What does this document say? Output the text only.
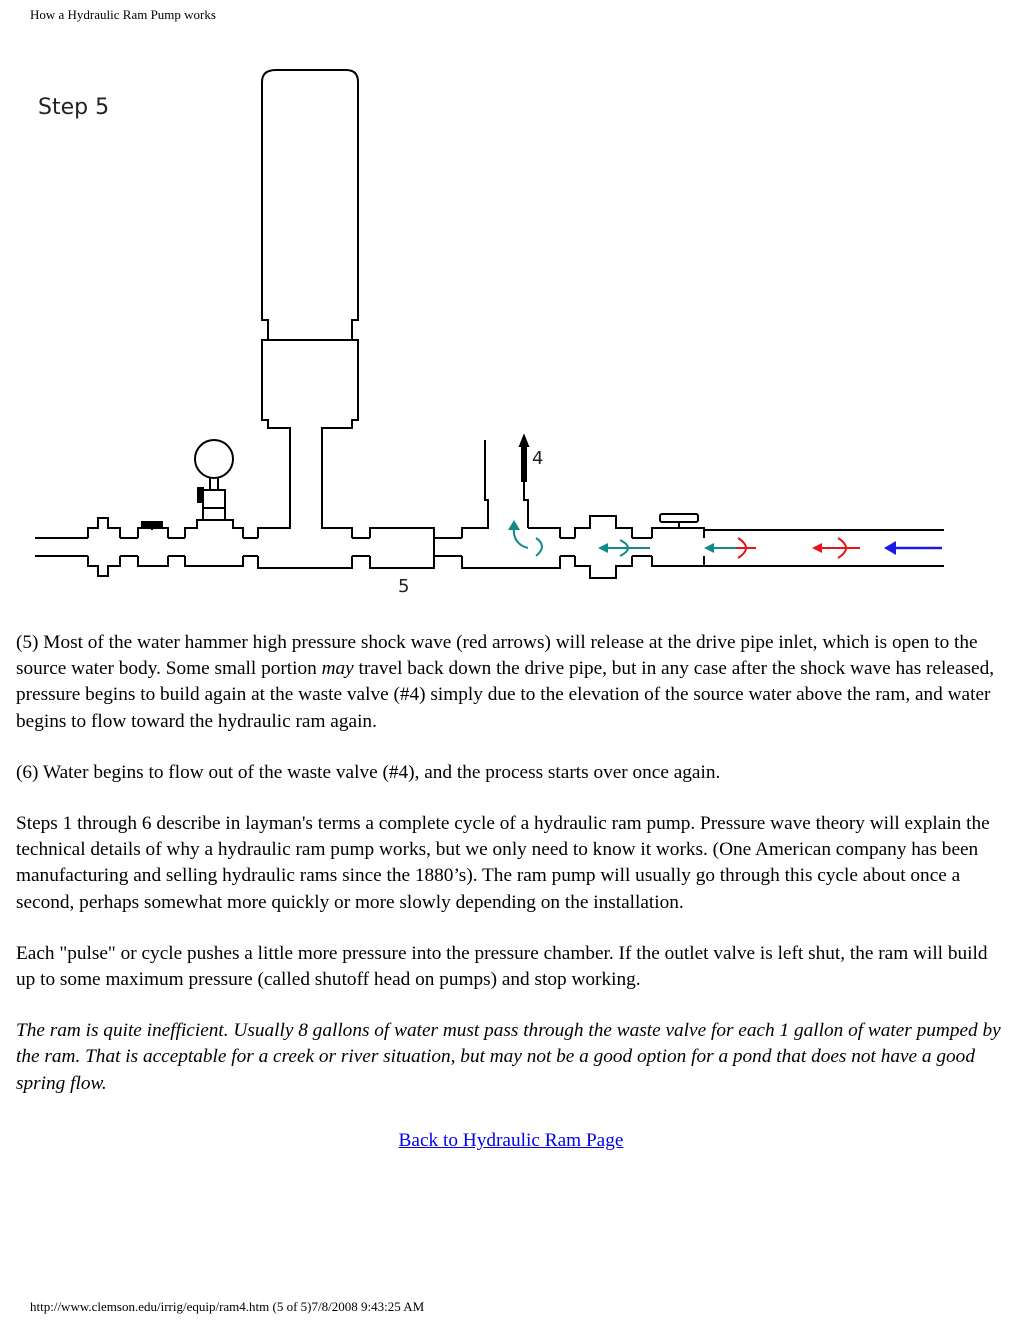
How a Hydraulic Ram Pump works
Step 5
4
5

(5) Most of the water hammer high pressure shock wave (red arrows) will release at the drive pipe inlet, which is open to the source water body. Some small portion may travel back down the drive pipe, but in any case after the shock wave has released, pressure begins to build again at the waste valve (#4) simply due to the elevation of the source water above the ram, and water begins to flow toward the hydraulic ram again.

(6) Water begins to flow out of the waste valve (#4), and the process starts over once again.

Steps 1 through 6 describe in layman's terms a complete cycle of a hydraulic ram pump. Pressure wave theory will explain the technical details of why a hydraulic ram pump works, but we only need to know it works. (One American company has been manufacturing and selling hydraulic rams since the 1880’s). The ram pump will usually go through this cycle about once a second, perhaps somewhat more quickly or more slowly depending on the installation.

Each "pulse" or cycle pushes a little more pressure into the pressure chamber. If the outlet valve is left shut, the ram will build up to some maximum pressure (called shutoff head on pumps) and stop working.

The ram is quite inefficient. Usually 8 gallons of water must pass through the waste valve for each 1 gallon of water pumped by the ram. That is acceptable for a creek or river situation, but may not be a good option for a pond that does not have a good spring flow.

Back to Hydraulic Ram Page
http://www.clemson.edu/irrig/equip/ram4.htm (5 of 5)7/8/2008 9:43:25 AM
